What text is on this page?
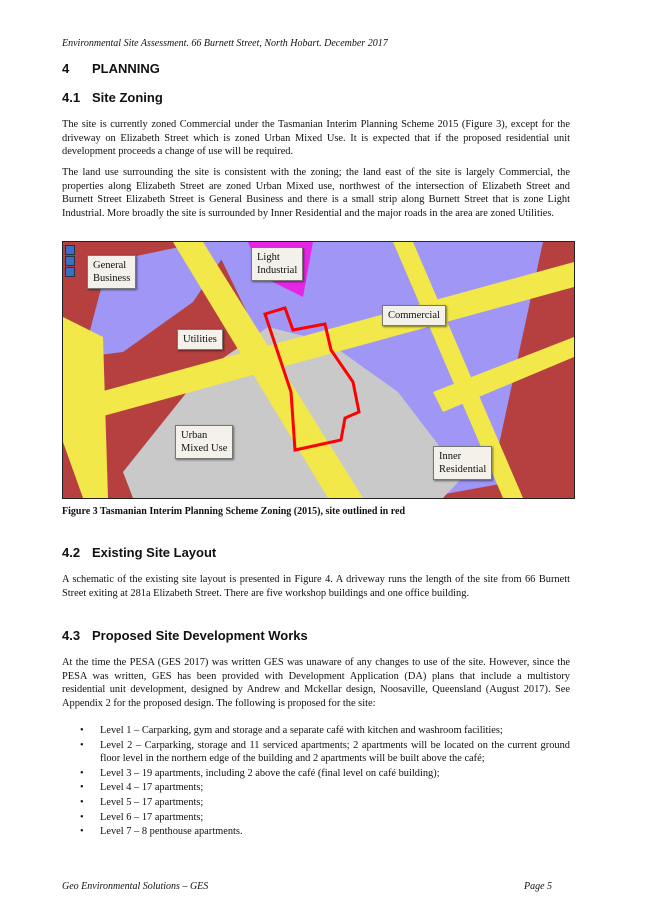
Environmental Site Assessment. 66 Burnett Street, North Hobart. December 2017
4 PLANNING
4.1 Site Zoning
The site is currently zoned Commercial under the Tasmanian Interim Planning Scheme 2015 (Figure 3), except for the driveway on Elizabeth Street which is zoned Urban Mixed Use. It is expected that if the proposed residential unit development proceeds a change of use will be required.
The land use surrounding the site is consistent with the zoning; the land east of the site is largely Commercial, the properties along Elizabeth Street are zoned Urban Mixed use, northwest of the intersection of Elizabeth Street and Burnett Street Elizabeth Street is General Business and there is a small strip along Burnett Street that is zone Light Industrial. More broadly the site is surrounded by Inner Residential and the major roads in the area are zoned Utilities.
General
Business
Light
Industrial
Commercial
Utilities
Urban
Mixed Use
Inner
Residential
Figure 3 Tasmanian Interim Planning Scheme Zoning (2015), site outlined in red
4.2 Existing Site Layout
A schematic of the existing site layout is presented in Figure 4. A driveway runs the length of the site from 66 Burnett Street exiting at 281a Elizabeth Street. There are five workshop buildings and one office building.
4.3 Proposed Site Development Works
At the time the PESA (GES 2017) was written GES was unaware of any changes to use of the site. However, since the PESA was written, GES has been provided with Development Application (DA) plans that include a multistory residential unit development, designed by Andrew and Mckellar design, Noosaville, Queensland (August 2017). See Appendix 2 for the proposed design. The following is proposed for the site:
• Level 1 – Carparking, gym and storage and a separate café with kitchen and washroom facilities;
• Level 2 – Carparking, storage and 11 serviced apartments; 2 apartments will be located on the current ground floor level in the northern edge of the building and 2 apartments will be built above the café;
• Level 3 – 19 apartments, including 2 above the café (final level on café building);
• Level 4 – 17 apartments;
• Level 5 – 17 apartments;
• Level 6 – 17 apartments;
• Level 7 – 8 penthouse apartments.
Geo Environmental Solutions – GES	Page 5
